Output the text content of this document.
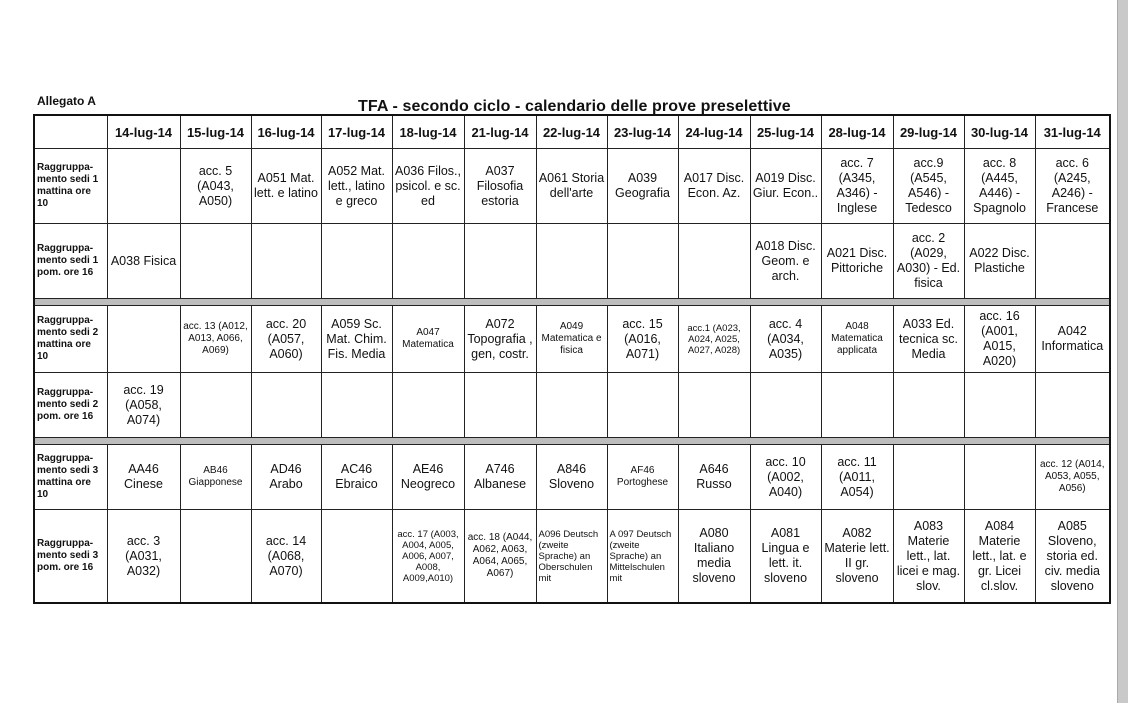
Allegato A	TFA - secondo ciclo - calendario delle prove preselettive
	14-lug-14	15-lug-14	16-lug-14	17-lug-14	18-lug-14	21-lug-14	22-lug-14	23-lug-14	24-lug-14	25-lug-14	28-lug-14	29-lug-14	30-lug-14	31-lug-14
Raggruppa-mento sedi 1 mattina ore 10		acc. 5 (A043, A050)	A051 Mat. lett. e latino	A052 Mat. lett., latino e greco	A036 Filos., psicol. e sc. ed	A037 Filosofia estoria	A061 Storia dell'arte	A039 Geografia	A017 Disc. Econ. Az.	A019 Disc. Giur. Econ..	acc. 7 (A345, A346) - Inglese	acc.9 (A545, A546) - Tedesco	acc. 8 (A445, A446) - Spagnolo	acc. 6 (A245, A246) - Francese
Raggruppa-mento sedi 1 pom. ore 16	A038 Fisica									A018 Disc. Geom. e arch.	A021 Disc. Pittoriche	acc. 2 (A029, A030) - Ed. fisica	A022 Disc. Plastiche	

Raggruppa-mento sedi 2 mattina ore 10		acc. 13 (A012, A013, A066, A069)	acc. 20 (A057, A060)	A059 Sc. Mat. Chim. Fis. Media	A047 Matematica	A072 Topografia , gen, costr.	A049 Matematica e fisica	acc. 15 (A016, A071)	acc.1 (A023, A024, A025, A027, A028)	acc. 4 (A034, A035)	A048 Matematica applicata	A033 Ed. tecnica sc. Media	acc. 16 (A001, A015, A020)	A042 Informatica
Raggruppa-mento sedi 2 pom. ore 16	acc. 19 (A058, A074)													

Raggruppa-mento sedi 3 mattina ore 10	AA46 Cinese	AB46 Giapponese	AD46 Arabo	AC46 Ebraico	AE46 Neogreco	A746 Albanese	A846 Sloveno	AF46 Portoghese	A646 Russo	acc. 10 (A002, A040)	acc. 11 (A011, A054)			acc. 12 (A014, A053, A055, A056)
Raggruppa-mento sedi 3 pom. ore 16	acc. 3 (A031, A032)		acc. 14 (A068, A070)		acc. 17 (A003, A004, A005, A006, A007, A008, A009,A010)	acc. 18 (A044, A062, A063, A064, A065, A067)	A096 Deutsch (zweite Sprache) an Oberschulen mit	A 097 Deutsch (zweite Sprache) an Mittelschulen mit	A080 Italiano media sloveno	A081 Lingua e lett. it. sloveno	A082 Materie lett. II gr. sloveno	A083 Materie lett., lat. licei e mag. slov.	A084 Materie lett., lat. e gr. Licei cl.slov.	A085 Sloveno, storia ed. civ. media sloveno
